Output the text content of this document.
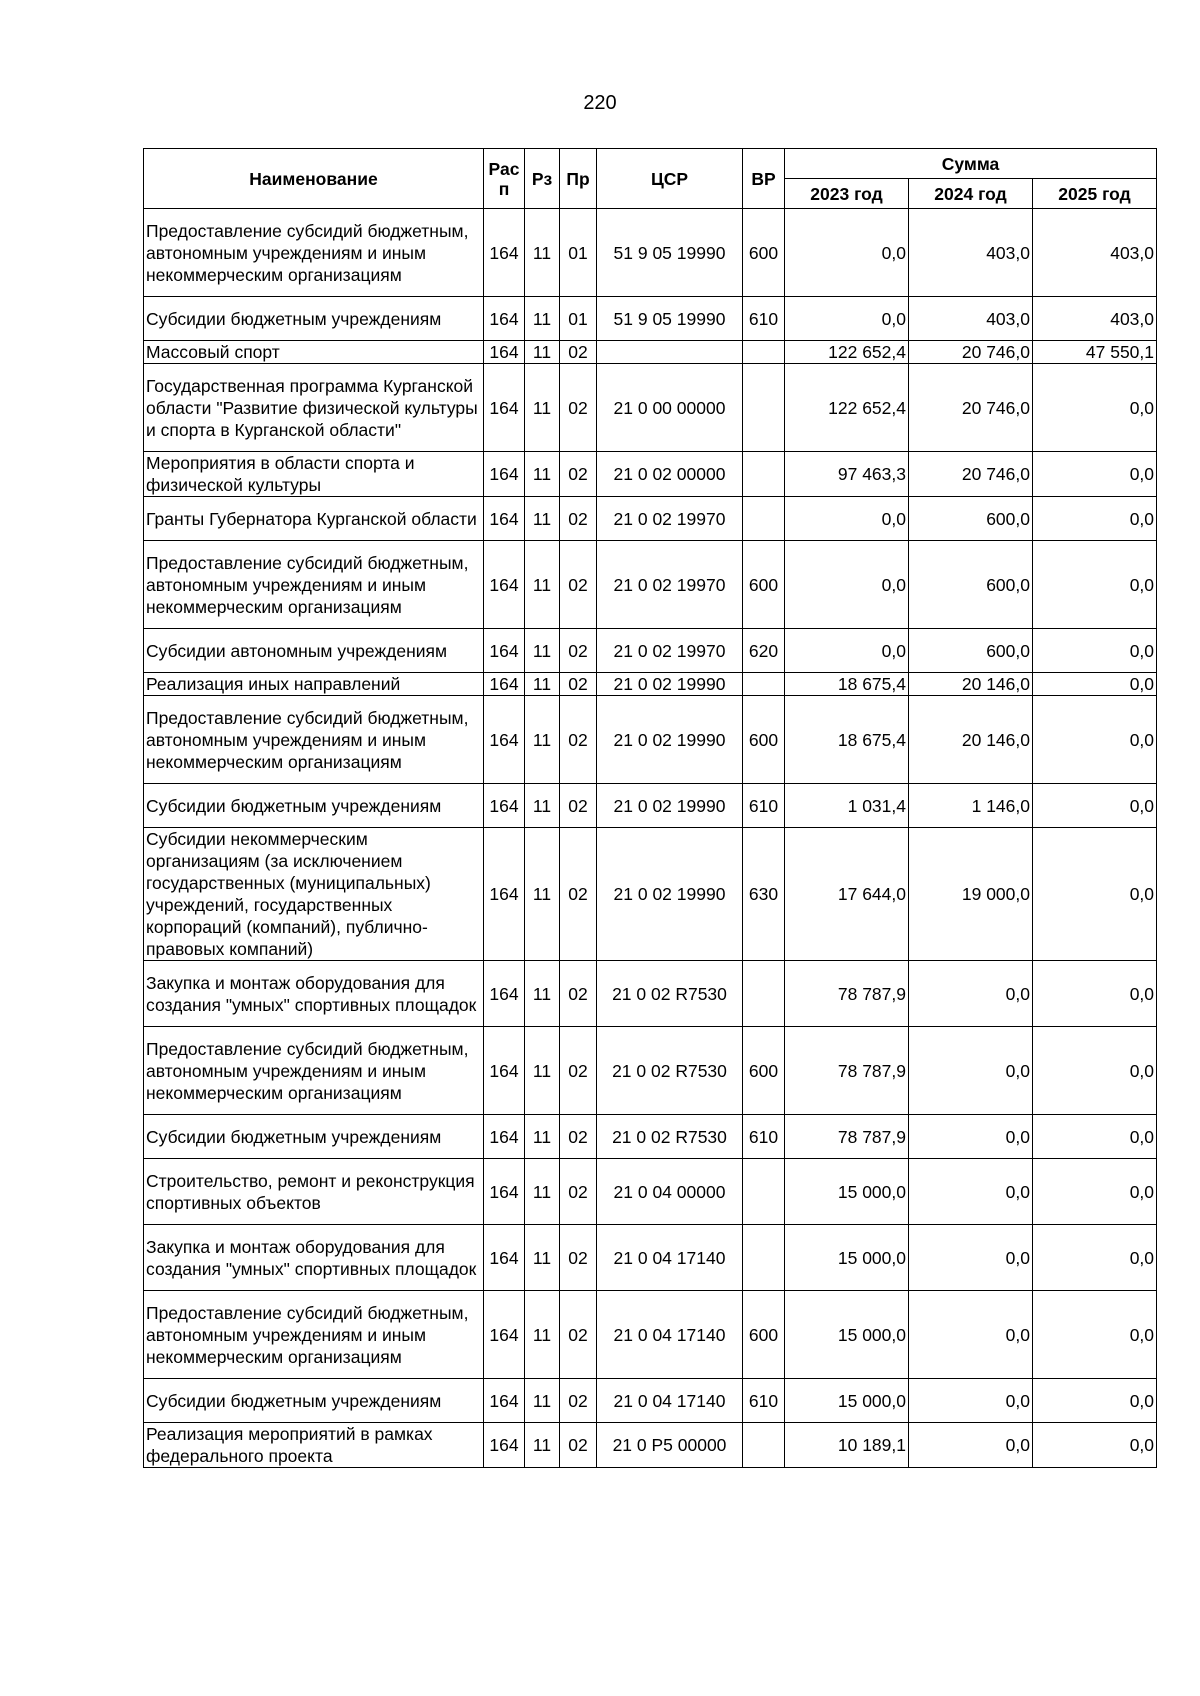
220
Наименование	Рас п	Рз	Пр	ЦСР	ВР	Сумма		
						2023 год	2024 год	2025 год
Предоставление субсидий бюджетным, автономным учреждениям и иным некоммерческим организациям	164	11	01	51 9 05 19990	600	0,0	403,0	403,0
Субсидии бюджетным учреждениям	164	11	01	51 9 05 19990	610	0,0	403,0	403,0
Массовый спорт	164	11	02			122 652,4	20 746,0	47 550,1
Государственная программа Курганской области "Развитие физической культуры и спорта в Курганской области"	164	11	02	21 0 00 00000		122 652,4	20 746,0	0,0
Мероприятия в области спорта и физической культуры	164	11	02	21 0 02 00000		97 463,3	20 746,0	0,0
Гранты Губернатора Курганской области	164	11	02	21 0 02 19970		0,0	600,0	0,0
Предоставление субсидий бюджетным, автономным учреждениям и иным некоммерческим организациям	164	11	02	21 0 02 19970	600	0,0	600,0	0,0
Субсидии автономным учреждениям	164	11	02	21 0 02 19970	620	0,0	600,0	0,0
Реализация иных направлений	164	11	02	21 0 02 19990		18 675,4	20 146,0	0,0
Предоставление субсидий бюджетным, автономным учреждениям и иным некоммерческим организациям	164	11	02	21 0 02 19990	600	18 675,4	20 146,0	0,0
Субсидии бюджетным учреждениям	164	11	02	21 0 02 19990	610	1 031,4	1 146,0	0,0
Субсидии некоммерческим организациям (за исключением государственных (муниципальных) учреждений, государственных корпораций (компаний), публично-правовых компаний)	164	11	02	21 0 02 19990	630	17 644,0	19 000,0	0,0
Закупка и монтаж оборудования для создания "умных" спортивных площадок	164	11	02	21 0 02 R7530		78 787,9	0,0	0,0
Предоставление субсидий бюджетным, автономным учреждениям и иным некоммерческим организациям	164	11	02	21 0 02 R7530	600	78 787,9	0,0	0,0
Субсидии бюджетным учреждениям	164	11	02	21 0 02 R7530	610	78 787,9	0,0	0,0
Строительство, ремонт и реконструкция спортивных объектов	164	11	02	21 0 04 00000		15 000,0	0,0	0,0
Закупка и монтаж оборудования для создания "умных" спортивных площадок	164	11	02	21 0 04 17140		15 000,0	0,0	0,0
Предоставление субсидий бюджетным, автономным учреждениям и иным некоммерческим организациям	164	11	02	21 0 04 17140	600	15 000,0	0,0	0,0
Субсидии бюджетным учреждениям	164	11	02	21 0 04 17140	610	15 000,0	0,0	0,0
Реализация мероприятий в рамках федерального проекта	164	11	02	21 0 P5 00000		10 189,1	0,0	0,0
